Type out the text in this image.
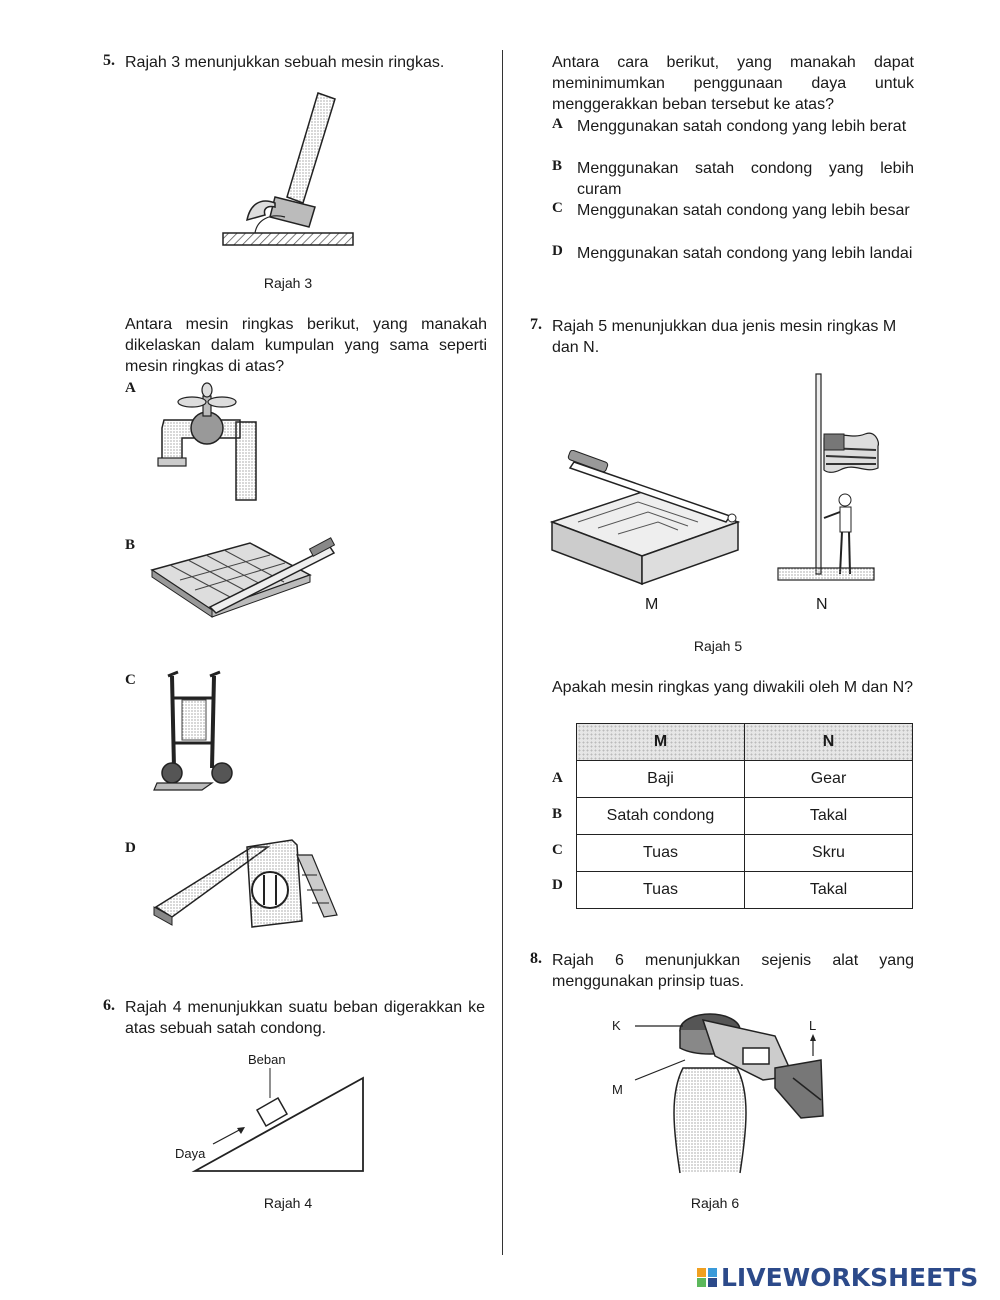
5. Rajah 3 menunjukkan sebuah mesin ringkas.
Rajah 3
Antara mesin ringkas berikut, yang manakah dikelaskan dalam kumpulan yang sama seperti mesin ringkas di atas?
A
B
C
D
6. Rajah 4 menunjukkan suatu beban digerakkan ke atas sebuah satah condong.
Beban
Daya
Rajah 4
Antara cara berikut, yang manakah dapat meminimumkan penggunaan daya untuk menggerakkan beban tersebut ke atas?
A Menggunakan satah condong yang lebih berat
B Menggunakan satah condong yang lebih curam
C Menggunakan satah condong yang lebih besar
D Menggunakan satah condong yang lebih landai
7. Rajah 5 menunjukkan dua jenis mesin ringkas M dan N.
M	N
Rajah 5
Apakah mesin ringkas yang diwakili oleh M dan N?
A
B
C
D
M	N
Baji	Gear
Satah condong	Takal
Tuas	Skru
Tuas	Takal
8. Rajah 6 menunjukkan sejenis alat yang menggunakan prinsip tuas.
K	L
M
Rajah 6
LIVEWORKSHEETS
